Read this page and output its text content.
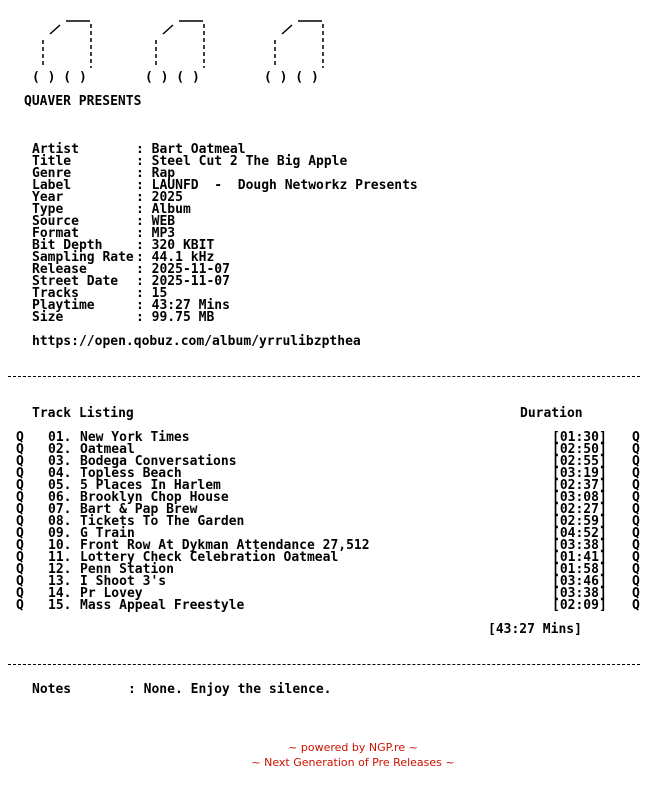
( ) ( )	( ) ( )	( ) ( )
QUAVER PRESENTS
Artist	: Bart Oatmeal
Title	: Steel Cut 2 The Big Apple
Genre	: Rap
Label	: LAUNFD  -  Dough Networkz Presents
Year	: 2025
Type	: Album
Source	: WEB
Format	: MP3
Bit Depth	: 320 KBIT
Sampling Rate : 44.1 kHz
Release	: 2025-11-07
Street Date : 2025-11-07
Tracks	: 15
Playtime	: 43:27 Mins
Size	: 99.75 MB
https://open.qobuz.com/album/yrrulibzpthea
Track Listing	Duration
Q 01. New York Times	[01:30] Q
Q 02. Oatmeal	[02:50] Q
Q 03. Bodega Conversations	[02:55] Q
Q 04. Topless Beach	[03:19] Q
Q 05. 5 Places In Harlem	[02:37] Q
Q 06. Brooklyn Chop House	[03:08] Q
Q 07. Bart & Pap Brew	[02:27] Q
Q 08. Tickets To The Garden	[02:59] Q
Q 09. G Train	[04:52] Q
Q 10. Front Row At Dykman Attendance 27,512	[03:38] Q
Q 11. Lottery Check Celebration Oatmeal	[01:41] Q
Q 12. Penn Station	[01:58] Q
Q 13. I Shoot 3's	[03:46] Q
Q 14. Pr Lovey	[03:38] Q
Q 15. Mass Appeal Freestyle	[02:09] Q
[43:27 Mins]
Notes	: None. Enjoy the silence.
~ powered by NGP.re ~
~ Next Generation of Pre Releases ~
